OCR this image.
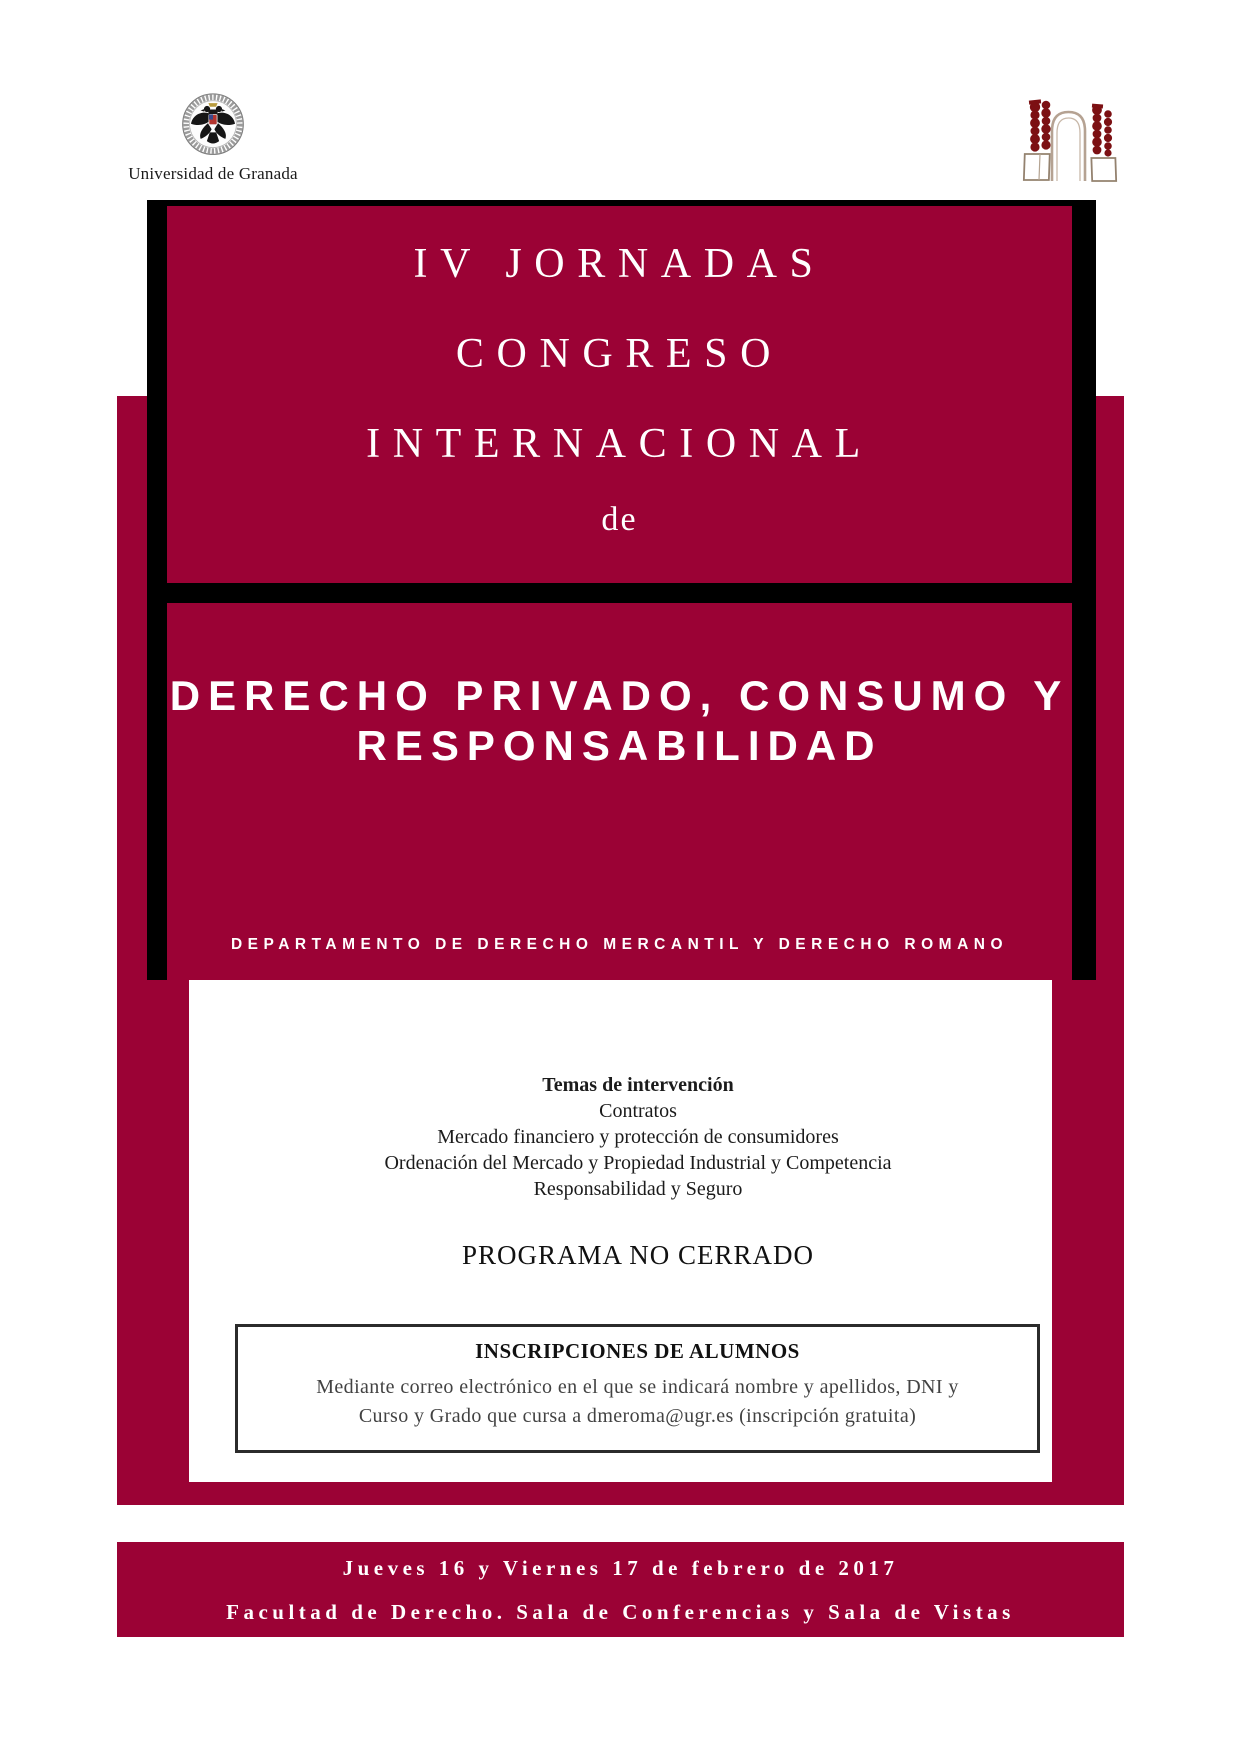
Universidad de Granada
IV JORNADAS
CONGRESO
INTERNACIONAL
de
DERECHO PRIVADO, CONSUMO Y
RESPONSABILIDAD
DEPARTAMENTO DE DERECHO MERCANTIL Y DERECHO ROMANO
Temas de intervención
Contratos
Mercado financiero y protección de consumidores
Ordenación del Mercado y Propiedad Industrial y Competencia
Responsabilidad y Seguro
PROGRAMA NO CERRADO
INSCRIPCIONES DE ALUMNOS
Mediante correo electrónico en el que se indicará nombre y apellidos, DNI y
Curso y Grado que cursa a dmeroma@ugr.es (inscripción gratuita)
Jueves 16 y Viernes 17 de febrero de 2017
Facultad de Derecho. Sala de Conferencias y Sala de Vistas
